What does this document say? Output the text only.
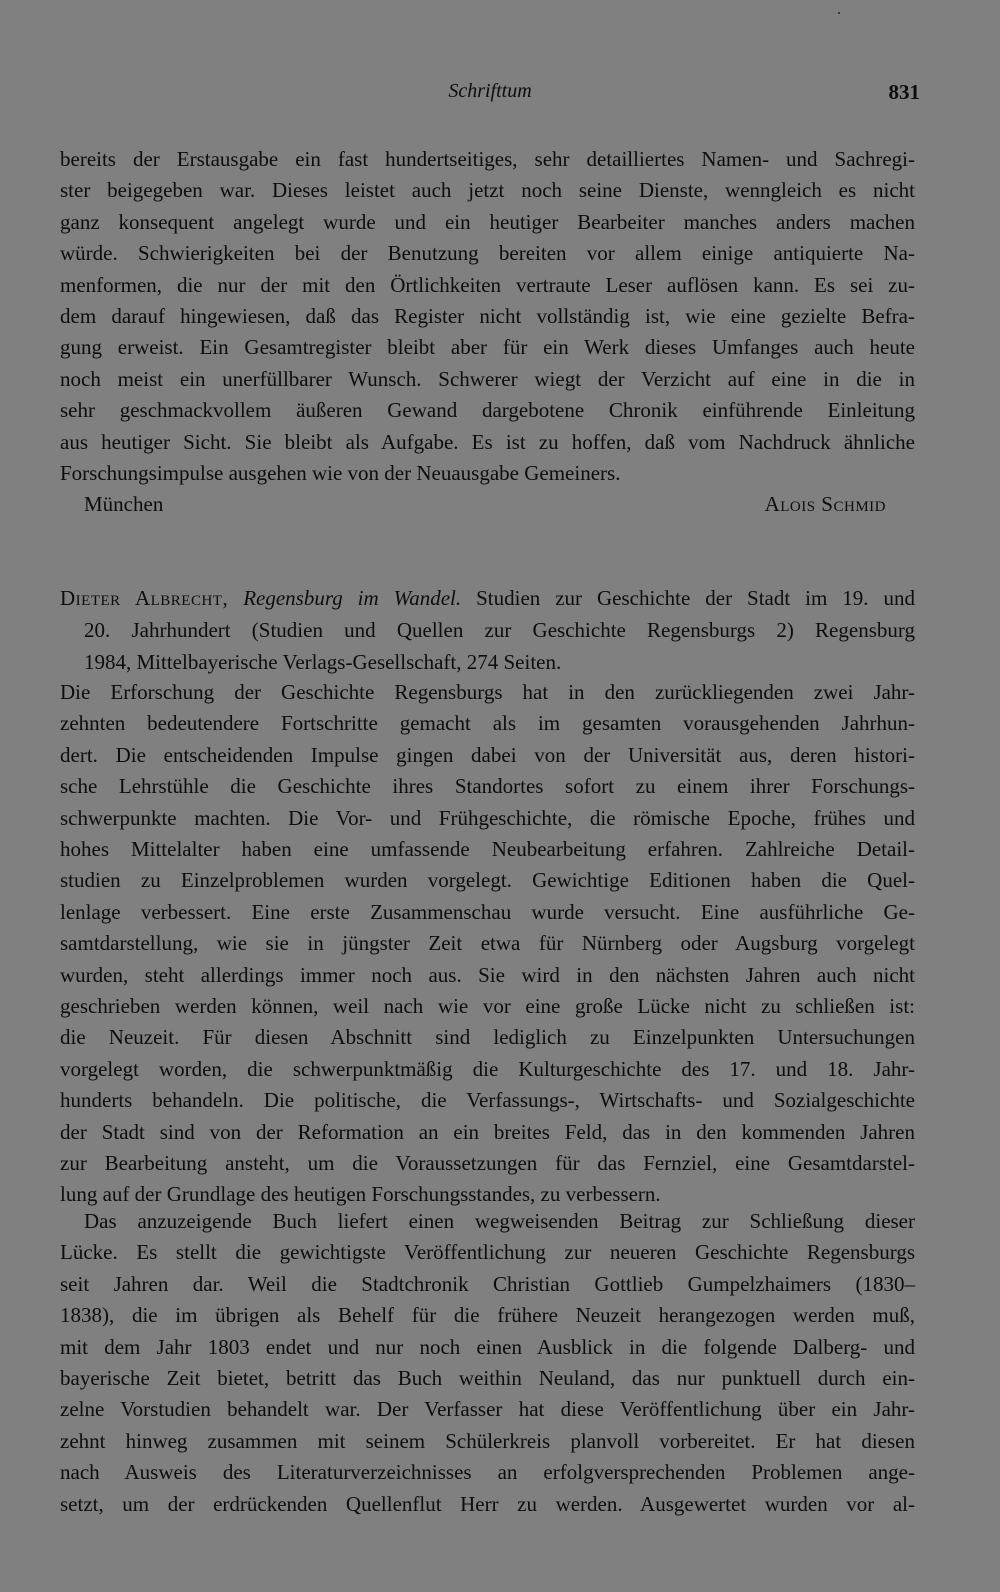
Schrifttum	831
bereits der Erstausgabe ein fast hundertseitiges, sehr detailliertes Namen- und Sachregi-
ster beigegeben war. Dieses leistet auch jetzt noch seine Dienste, wenngleich es nicht
ganz konsequent angelegt wurde und ein heutiger Bearbeiter manches anders machen
würde. Schwierigkeiten bei der Benutzung bereiten vor allem einige antiquierte Na-
menformen, die nur der mit den Örtlichkeiten vertraute Leser auflösen kann. Es sei zu-
dem darauf hingewiesen, daß das Register nicht vollständig ist, wie eine gezielte Befra-
gung erweist. Ein Gesamtregister bleibt aber für ein Werk dieses Umfanges auch heute
noch meist ein unerfüllbarer Wunsch. Schwerer wiegt der Verzicht auf eine in die in
sehr geschmackvollem äußeren Gewand dargebotene Chronik einführende Einleitung
aus heutiger Sicht. Sie bleibt als Aufgabe. Es ist zu hoffen, daß vom Nachdruck ähnliche
Forschungsimpulse ausgehen wie von der Neuausgabe Gemeiners.
München	Alois Schmid
Dieter Albrecht, Regensburg im Wandel. Studien zur Geschichte der Stadt im 19. und
20. Jahrhundert (Studien und Quellen zur Geschichte Regensburgs 2) Regensburg
1984, Mittelbayerische Verlags-Gesellschaft, 274 Seiten.
Die Erforschung der Geschichte Regensburgs hat in den zurückliegenden zwei Jahr-
zehnten bedeutendere Fortschritte gemacht als im gesamten vorausgehenden Jahrhun-
dert. Die entscheidenden Impulse gingen dabei von der Universität aus, deren histori-
sche Lehrstühle die Geschichte ihres Standortes sofort zu einem ihrer Forschungs-
schwerpunkte machten. Die Vor- und Frühgeschichte, die römische Epoche, frühes und
hohes Mittelalter haben eine umfassende Neubearbeitung erfahren. Zahlreiche Detail-
studien zu Einzelproblemen wurden vorgelegt. Gewichtige Editionen haben die Quel-
lenlage verbessert. Eine erste Zusammenschau wurde versucht. Eine ausführliche Ge-
samtdarstellung, wie sie in jüngster Zeit etwa für Nürnberg oder Augsburg vorgelegt
wurden, steht allerdings immer noch aus. Sie wird in den nächsten Jahren auch nicht
geschrieben werden können, weil nach wie vor eine große Lücke nicht zu schließen ist:
die Neuzeit. Für diesen Abschnitt sind lediglich zu Einzelpunkten Untersuchungen
vorgelegt worden, die schwerpunktmäßig die Kulturgeschichte des 17. und 18. Jahr-
hunderts behandeln. Die politische, die Verfassungs-, Wirtschafts- und Sozialgeschichte
der Stadt sind von der Reformation an ein breites Feld, das in den kommenden Jahren
zur Bearbeitung ansteht, um die Voraussetzungen für das Fernziel, eine Gesamtdarstel-
lung auf der Grundlage des heutigen Forschungsstandes, zu verbessern.
Das anzuzeigende Buch liefert einen wegweisenden Beitrag zur Schließung dieser
Lücke. Es stellt die gewichtigste Veröffentlichung zur neueren Geschichte Regensburgs
seit Jahren dar. Weil die Stadtchronik Christian Gottlieb Gumpelzhaimers (1830–
1838), die im übrigen als Behelf für die frühere Neuzeit herangezogen werden muß,
mit dem Jahr 1803 endet und nur noch einen Ausblick in die folgende Dalberg- und
bayerische Zeit bietet, betritt das Buch weithin Neuland, das nur punktuell durch ein-
zelne Vorstudien behandelt war. Der Verfasser hat diese Veröffentlichung über ein Jahr-
zehnt hinweg zusammen mit seinem Schülerkreis planvoll vorbereitet. Er hat diesen
nach Ausweis des Literaturverzeichnisses an erfolgversprechenden Problemen ange-
setzt, um der erdrückenden Quellenflut Herr zu werden. Ausgewertet wurden vor al-
